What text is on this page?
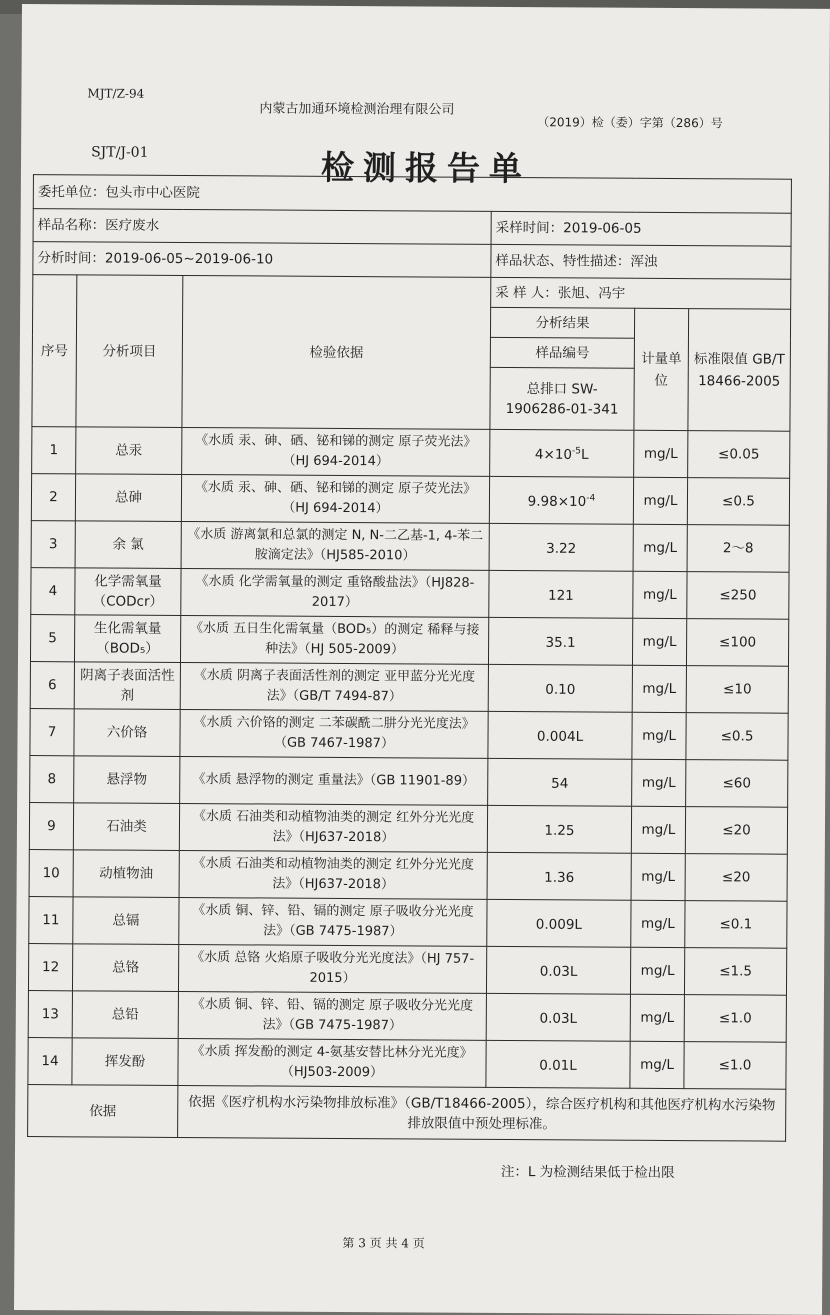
MJT/Z-94
内蒙古加通环境检测治理有限公司
（2019）检（委）字第（286）号
SJT/J-01	检测报告单
委托单位：包头市中心医院					
样品名称：医疗废水			采样时间：2019-06-05		
分析时间：2019-06-05~2019-06-10			样品状态、特性描述：浑浊		
序号	分析项目	检验依据	采 样 人：张旭、冯宇		
			分析结果	计量单位	标准限值 GB/T 18466-2005
			样品编号		
			总排口 SW-1906286-01-341		
1	总汞	《水质 汞、砷、硒、铋和锑的测定 原子荧光法》（HJ 694-2014）	$4\times 10^{-5}L$	mg/L	≤0.05
2	总砷	《水质 汞、砷、硒、铋和锑的测定 原子荧光法》（HJ 694-2014）	$9.98\times 10^{-4}$	mg/L	≤0.5
3	余 氯	《水质 游离氯和总氯的测定 N, N-二乙基-1, 4-苯二胺滴定法》（HJ585-2010）	3.22	mg/L	2～8
4	化学需氧量（CODcr）	《水质 化学需氧量的测定 重铬酸盐法》（HJ828-2017）	121	mg/L	≤250
5	生化需氧量（BOD₅）	《水质 五日生化需氧量（BOD₅）的测定 稀释与接种法》（HJ 505-2009）	35.1	mg/L	≤100
6	阴离子表面活性剂	《水质 阴离子表面活性剂的测定 亚甲蓝分光光度法》（GB/T 7494-87）	0.10	mg/L	≤10
7	六价铬	《水质 六价铬的测定 二苯碳酰二肼分光光度法》（GB 7467-1987）	0.004L	mg/L	≤0.5
8	悬浮物	《水质 悬浮物的测定 重量法》（GB 11901-89）	54	mg/L	≤60
9	石油类	《水质 石油类和动植物油类的测定 红外分光光度法》（HJ637-2018）	1.25	mg/L	≤20
10	动植物油	《水质 石油类和动植物油类的测定 红外分光光度法》（HJ637-2018）	1.36	mg/L	≤20
11	总镉	《水质 铜、锌、铅、镉的测定 原子吸收分光光度法》（GB 7475-1987）	0.009L	mg/L	≤0.1
12	总铬	《水质 总铬 火焰原子吸收分光光度法》（HJ 757-2015）	0.03L	mg/L	≤1.5
13	总铅	《水质 铜、锌、铅、镉的测定 原子吸收分光光度法》（GB 7475-1987）	0.03L	mg/L	≤1.0
14	挥发酚	《水质 挥发酚的测定 4-氨基安替比林分光光度》（HJ503-2009）	0.01L	mg/L	≤1.0
依据		依据《医疗机构水污染物排放标准》（GB/T18466-2005），综合医疗机构和其他医疗机构水污染物排放限值中预处理标准。			
注：L 为检测结果低于检出限
第 3 页 共 4 页
